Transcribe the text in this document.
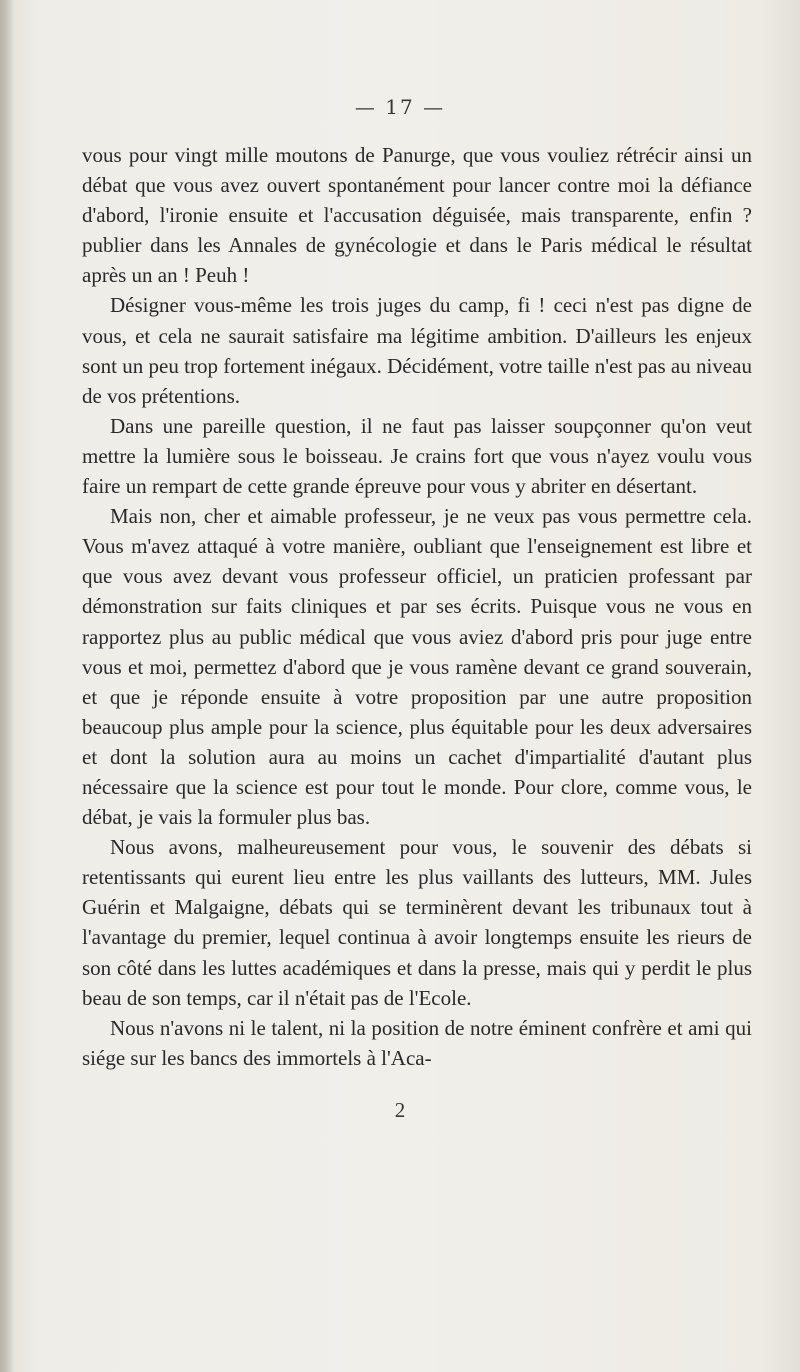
— 17 —

vous pour vingt mille moutons de Panurge, que vous vouliez rétrécir ainsi un débat que vous avez ouvert spontanément pour lancer contre moi la défiance d'abord, l'ironie ensuite et l'accusation déguisée, mais transparente, enfin ? publier dans les Annales de gynécologie et dans le Paris médical le résultat après un an ! Peuh !

Désigner vous-même les trois juges du camp, fi ! ceci n'est pas digne de vous, et cela ne saurait satisfaire ma légitime ambition. D'ailleurs les enjeux sont un peu trop fortement inégaux. Décidément, votre taille n'est pas au niveau de vos prétentions.

Dans une pareille question, il ne faut pas laisser soupçonner qu'on veut mettre la lumière sous le boisseau. Je crains fort que vous n'ayez voulu vous faire un rempart de cette grande épreuve pour vous y abriter en désertant.

Mais non, cher et aimable professeur, je ne veux pas vous permettre cela. Vous m'avez attaqué à votre manière, oubliant que l'enseignement est libre et que vous avez devant vous professeur officiel, un praticien professant par démonstration sur faits cliniques et par ses écrits. Puisque vous ne vous en rapportez plus au public médical que vous aviez d'abord pris pour juge entre vous et moi, permettez d'abord que je vous ramène devant ce grand souverain, et que je réponde ensuite à votre proposition par une autre proposition beaucoup plus ample pour la science, plus équitable pour les deux adversaires et dont la solution aura au moins un cachet d'impartialité d'autant plus nécessaire que la science est pour tout le monde. Pour clore, comme vous, le débat, je vais la formuler plus bas.

Nous avons, malheureusement pour vous, le souvenir des débats si retentissants qui eurent lieu entre les plus vaillants des lutteurs, MM. Jules Guérin et Malgaigne, débats qui se terminèrent devant les tribunaux tout à l'avantage du premier, lequel continua à avoir longtemps ensuite les rieurs de son côté dans les luttes académiques et dans la presse, mais qui y perdit le plus beau de son temps, car il n'était pas de l'Ecole.

Nous n'avons ni le talent, ni la position de notre éminent confrère et ami qui siége sur les bancs des immortels à l'Aca-

2
